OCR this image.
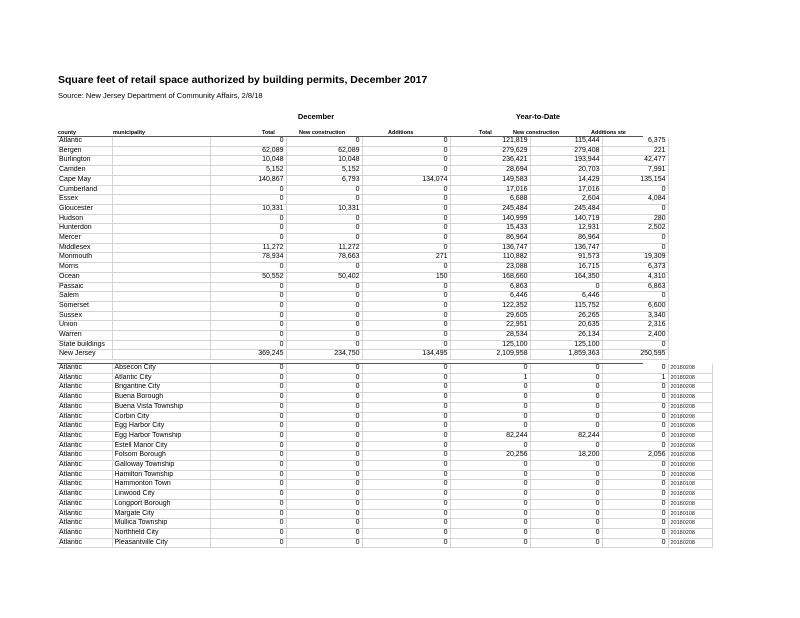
Square feet of retail space authorized by building permits, December 2017
Source: New Jersey Department of Community Affairs, 2/8/18
December	Year-to-Date
county	municipality	Total	New construction	Additions	Total	New construction	Additions ste
Atlantic		0	0	0	121,819	115,444	6,375
Bergen		62,089	62,089	0	279,629	279,408	221
Burlington		10,048	10,048	0	236,421	193,944	42,477
Camden		5,152	5,152	0	28,694	20,703	7,991
Cape May		140,867	6,793	134,074	149,583	14,429	135,154
Cumberland		0	0	0	17,016	17,016	0
Essex		0	0	0	6,688	2,604	4,084
Gloucester		10,331	10,331	0	245,484	245,484	0
Hudson		0	0	0	140,999	140,719	280
Hunterdon		0	0	0	15,433	12,931	2,502
Mercer		0	0	0	86,964	86,964	0
Middlesex		11,272	11,272	0	136,747	136,747	0
Monmouth		78,934	78,663	271	110,882	91,573	19,309
Morris		0	0	0	23,088	16,715	6,373
Ocean		50,552	50,402	150	168,660	164,350	4,310
Passaic		0	0	0	6,863	0	6,863
Salem		0	0	0	6,446	6,446	0
Somerset		0	0	0	122,352	115,752	6,600
Sussex		0	0	0	29,605	26,265	3,340
Union		0	0	0	22,951	20,635	2,316
Warren		0	0	0	28,534	26,134	2,400
State buildings		0	0	0	125,100	125,100	0
New Jersey		369,245	234,750	134,495	2,109,958	1,859,363	250,595
Atlantic	Absecon City	0	0	0	0	0	0	20180208
Atlantic	Atlantic City	0	0	0	1	0	1	20180208
Atlantic	Brigantine City	0	0	0	0	0	0	20180208
Atlantic	Buena Borough	0	0	0	0	0	0	20180208
Atlantic	Buena Vista Township	0	0	0	0	0	0	20180208
Atlantic	Corbin City	0	0	0	0	0	0	20180208
Atlantic	Egg Harbor City	0	0	0	0	0	0	20180208
Atlantic	Egg Harbor Township	0	0	0	82,244	82,244	0	20180208
Atlantic	Estell Manor City	0	0	0	0	0	0	20180208
Atlantic	Folsom Borough	0	0	0	20,256	18,200	2,056	20180208
Atlantic	Galloway Township	0	0	0	0	0	0	20180208
Atlantic	Hamilton Township	0	0	0	0	0	0	20180208
Atlantic	Hammonton Town	0	0	0	0	0	0	20180108
Atlantic	Linwood City	0	0	0	0	0	0	20180208
Atlantic	Longport Borough	0	0	0	0	0	0	20180208
Atlantic	Margate City	0	0	0	0	0	0	20180108
Atlantic	Mullica Township	0	0	0	0	0	0	20180208
Atlantic	Northfield City	0	0	0	0	0	0	20180208
Atlantic	Pleasantville City	0	0	0	0	0	0	20180208
